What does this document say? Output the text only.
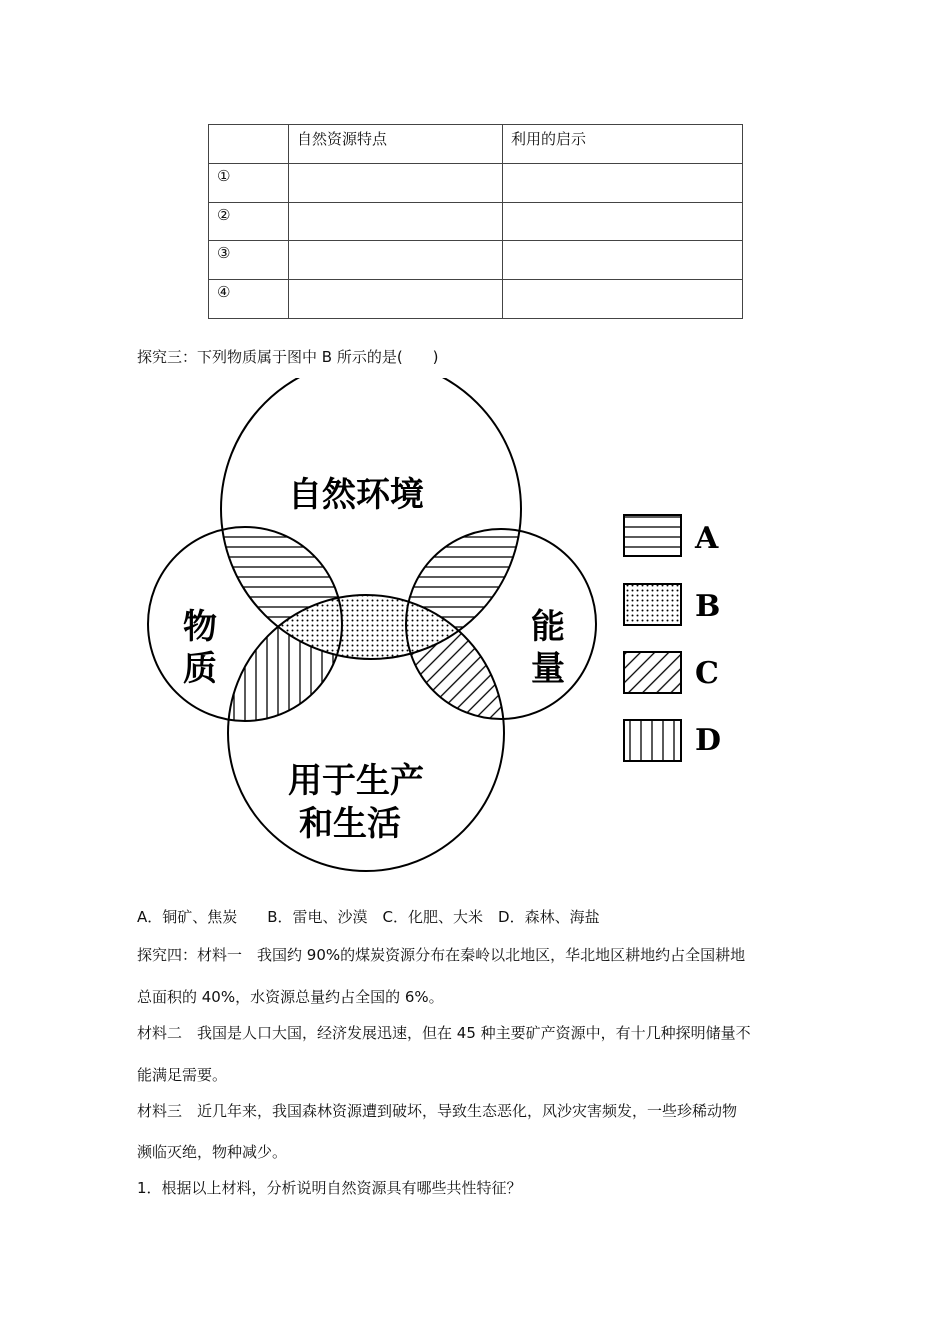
	自然资源特点	利用的启示
①		
②		
③		
④		
探究三：下列物质属于图中 B 所示的是(　　)
自然环境
物
质
能
量
用于生产
和生活
A
B
C
D
A．铜矿、焦炭　　B．雷电、沙漠　C．化肥、大米　D．森林、海盐
探究四：材料一　我国约 90%的煤炭资源分布在秦岭以北地区，华北地区耕地约占全国耕地
总面积的 40%，水资源总量约占全国的 6%。
材料二　我国是人口大国，经济发展迅速，但在 45 种主要矿产资源中，有十几种探明储量不
能满足需要。
材料三　近几年来，我国森林资源遭到破坏，导致生态恶化，风沙灾害频发，一些珍稀动物
濒临灭绝，物种减少。
1．根据以上材料，分析说明自然资源具有哪些共性特征？
